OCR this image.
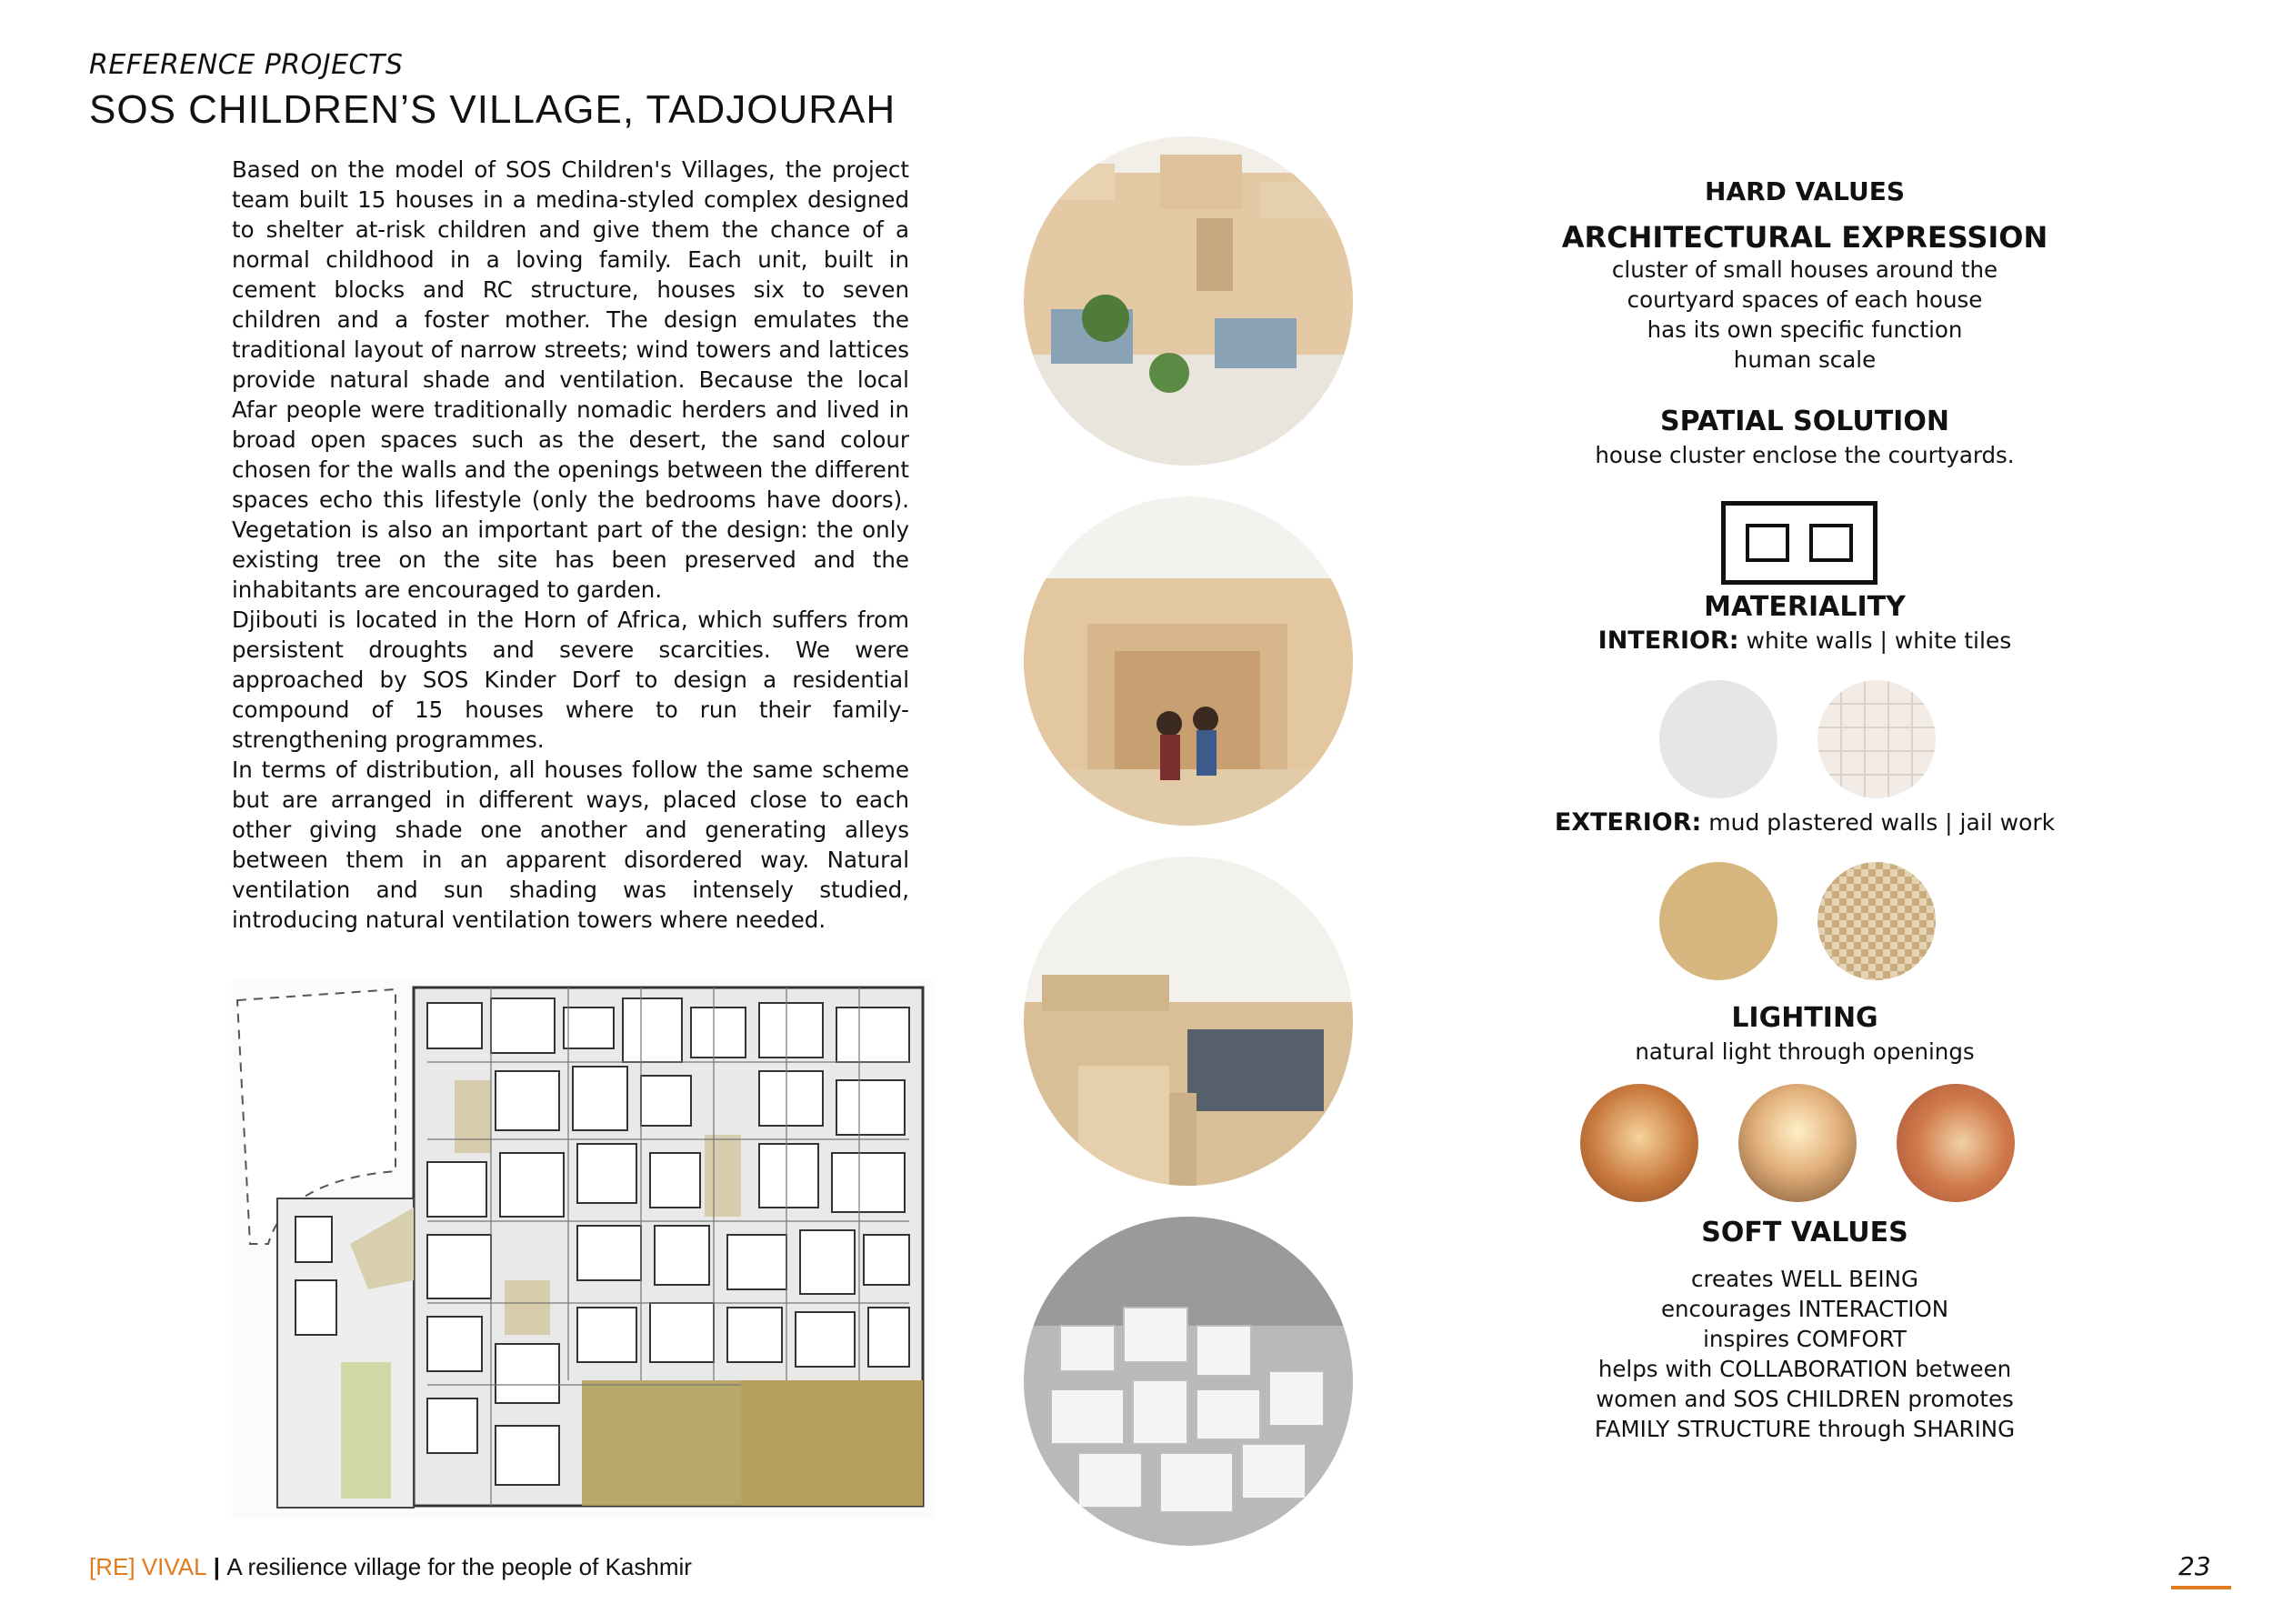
REFERENCE PROJECTS
SOS CHILDREN’S VILLAGE, TADJOURAH

Based on the model of SOS Children's Villages, the project team built 15 houses in a medina-styled complex designed to shelter at-risk children and give them the chance of a normal childhood in a loving family. Each unit, built in cement blocks and RC structure, houses six to seven children and a foster mother. The design emulates the traditional layout of narrow streets; wind towers and lattices provide natural shade and ventilation. Because the local Afar people were traditionally nomadic herders and lived in broad open spaces such as the desert, the sand colour chosen for the walls and the openings between the different spaces echo this lifestyle (only the bedrooms have doors). Vegetation is also an important part of the design: the only existing tree on the site has been preserved and the inhabitants are encouraged to garden.

Djibouti is located in the Horn of Africa, which suffers from persistent droughts and severe scarcities. We were approached by SOS Kinder Dorf to design a residential compound of 15 houses where to run their family-strengthening programmes.

In terms of distribution, all houses follow the same scheme but are arranged in different ways, placed close to each other giving shade one another and generating alleys between them in an apparent disordered way. Natural ventilation and sun shading was intensely studied, introducing natural ventilation towers where needed.

HARD VALUES
ARCHITECTURAL EXPRESSION
cluster of small houses around the
courtyard spaces of each house
has its own specific function
human scale
SPATIAL SOLUTION
house cluster enclose the courtyards.
MATERIALITY
INTERIOR: white walls | white tiles
EXTERIOR: mud plastered walls | jail work
LIGHTING
natural light through openings
SOFT VALUES
creates WELL BEING
encourages INTERACTION
inspires COMFORT
helps with COLLABORATION between
women and SOS CHILDREN promotes
FAMILY STRUCTURE through SHARING
[RE] VIVAL | A resilience village for the people of Kashmir	23
